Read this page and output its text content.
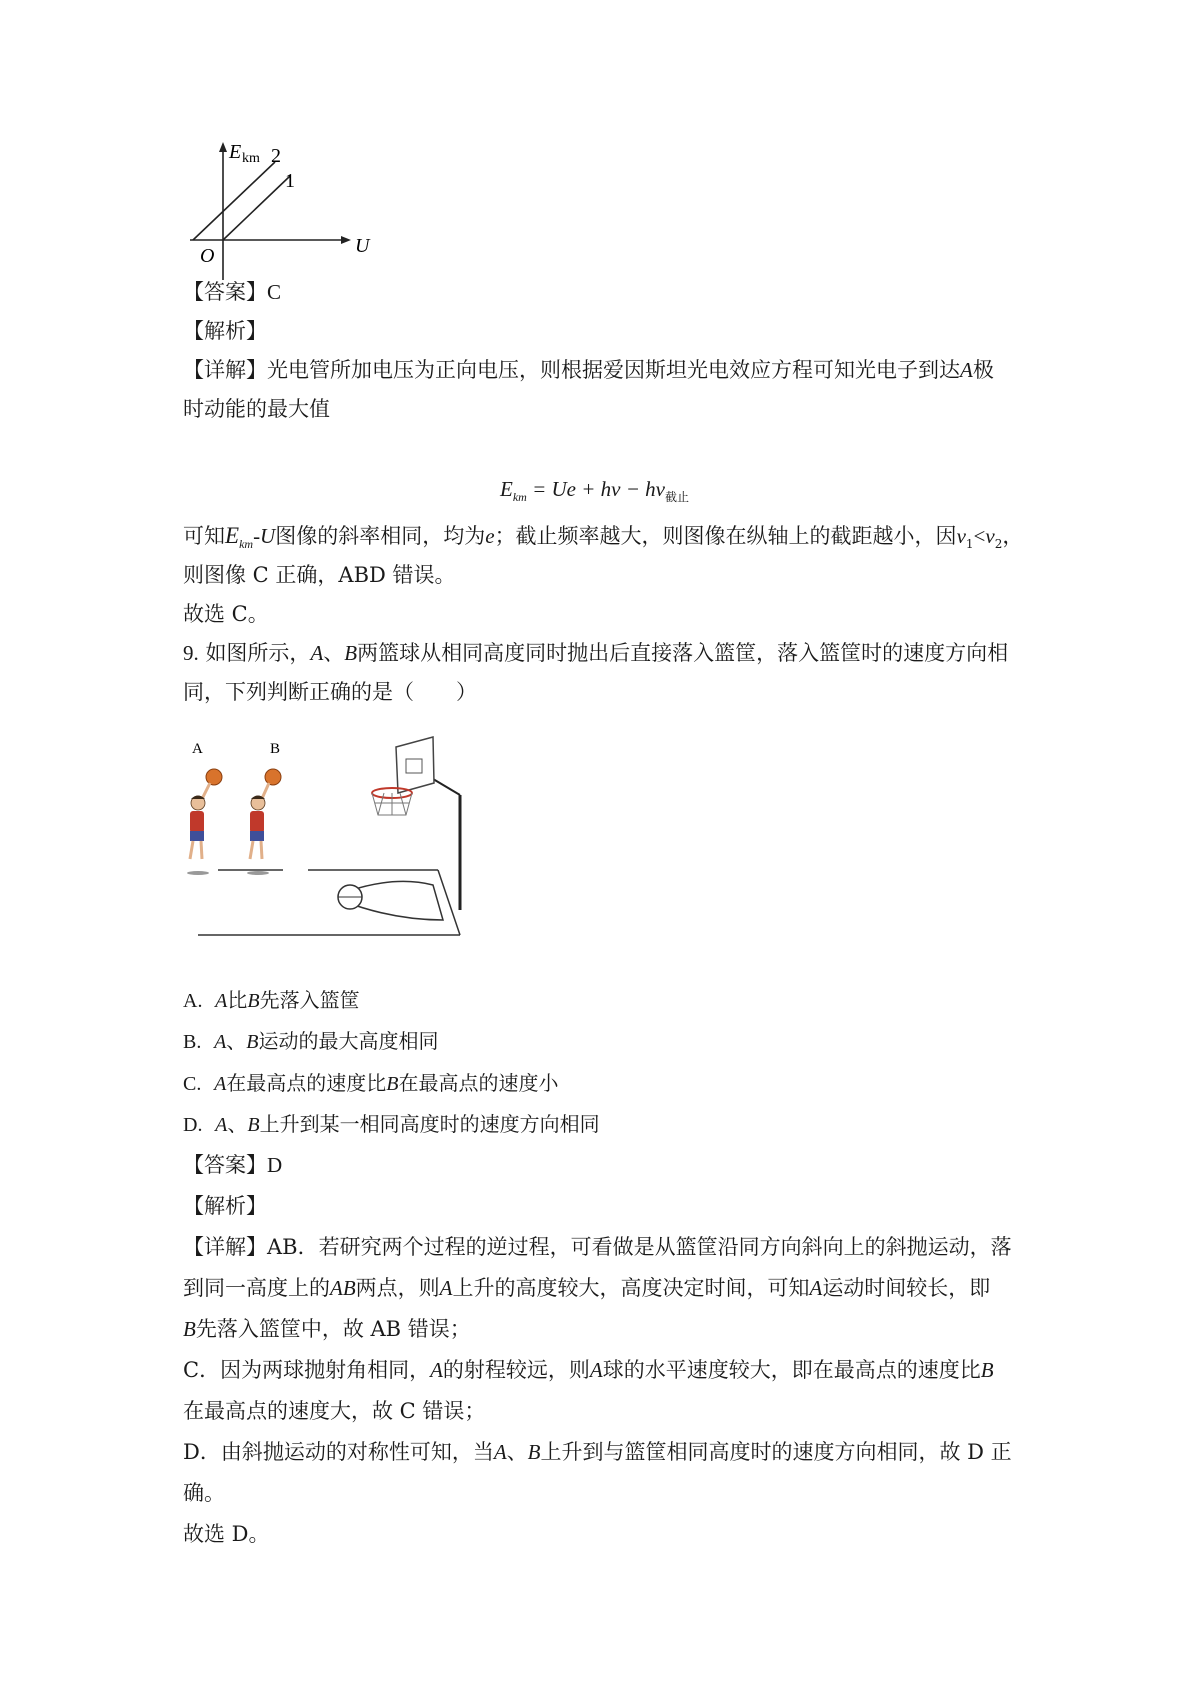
E km 2
1
O	U
【答案】C
【解析】
【详解】光电管所加电压为正向电压，则根据爱因斯坦光电效应方程可知光电子到达A极
时动能的最大值
$E_{km} = Ue + h\nu - h\nu_{截止}$
可知$E_{km}-U$图像的斜率相同，均为e；截止频率越大，则图像在纵轴上的截距越小，因$\nu_1<\nu_2$，
则图像 C 正确，ABD 错误。
故选 C。
9. 如图所示，A、B两篮球从相同高度同时抛出后直接落入篮筐，落入篮筐时的速度方向相
同，下列判断正确的是（　　）
A	B
A. A比B先落入篮筐
B. A、B运动的最大高度相同
C. A在最高点的速度比B在最高点的速度小
D. A、B上升到某一相同高度时的速度方向相同
【答案】D
【解析】
【详解】AB．若研究两个过程的逆过程，可看做是从篮筐沿同方向斜向上的斜抛运动，落
到同一高度上的AB两点，则A上升的高度较大，高度决定时间，可知A运动时间较长，即
B先落入篮筐中，故 AB 错误；
C．因为两球抛射角相同，A的射程较远，则A球的水平速度较大，即在最高点的速度比B
在最高点的速度大，故 C 错误；
D．由斜抛运动的对称性可知，当A、B上升到与篮筐相同高度时的速度方向相同，故 D 正
确。
故选 D。
